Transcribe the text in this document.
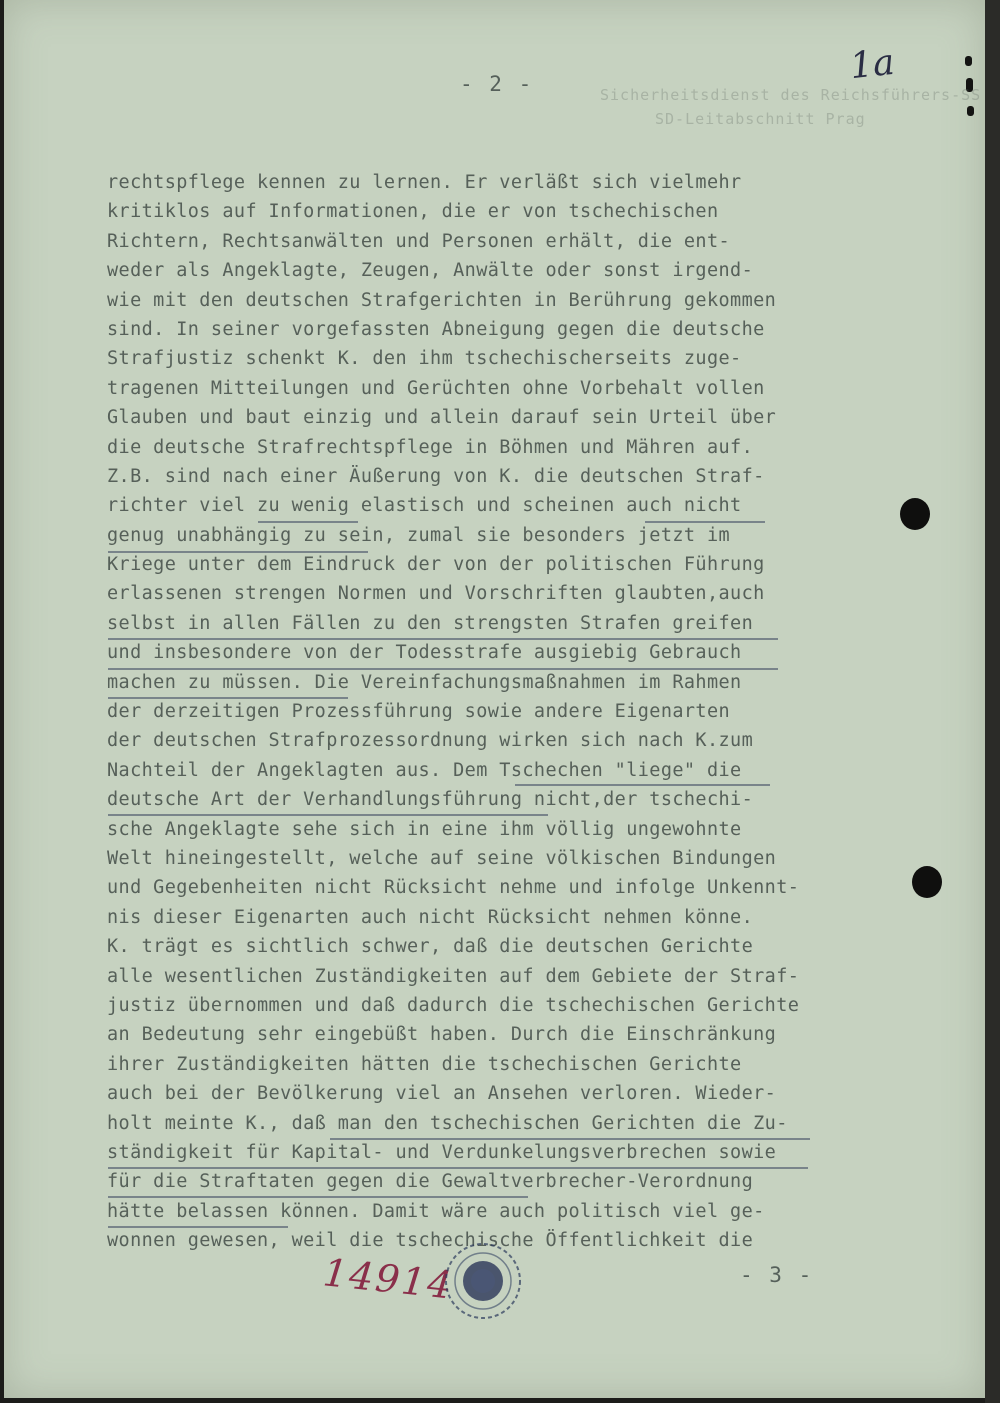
Sicherheitsdienst des Reichsführers-SS
SD-Leitabschnitt Prag
- 2 -	1a
rechtspflege kennen zu lernen. Er verläßt sich vielmehr
kritiklos auf Informationen, die er von tschechischen
Richtern, Rechtsanwälten und Personen erhält, die ent-
weder als Angeklagte, Zeugen, Anwälte oder sonst irgend-
wie mit den deutschen Strafgerichten in Berührung gekommen
sind. In seiner vorgefassten Abneigung gegen die deutsche
Strafjustiz schenkt K. den ihm tschechischerseits zuge-
tragenen Mitteilungen und Gerüchten ohne Vorbehalt vollen
Glauben und baut einzig und allein darauf sein Urteil über
die deutsche Strafrechtspflege in Böhmen und Mähren auf.
Z.B. sind nach einer Äußerung von K. die deutschen Straf-
richter viel zu wenig elastisch und scheinen auch nicht
genug unabhängig zu sein, zumal sie besonders jetzt im
Kriege unter dem Eindruck der von der politischen Führung
erlassenen strengen Normen und Vorschriften glaubten,auch
selbst in allen Fällen zu den strengsten Strafen greifen
und insbesondere von der Todesstrafe ausgiebig Gebrauch
machen zu müssen. Die Vereinfachungsmaßnahmen im Rahmen
der derzeitigen Prozessführung sowie andere Eigenarten
der deutschen Strafprozessordnung wirken sich nach K.zum
Nachteil der Angeklagten aus. Dem Tschechen "liege" die
deutsche Art der Verhandlungsführung nicht,der tschechi-
sche Angeklagte sehe sich in eine ihm völlig ungewohnte
Welt hineingestellt, welche auf seine völkischen Bindungen
und Gegebenheiten nicht Rücksicht nehme und infolge Unkennt-
nis dieser Eigenarten auch nicht Rücksicht nehmen könne.
K. trägt es sichtlich schwer, daß die deutschen Gerichte
alle wesentlichen Zuständigkeiten auf dem Gebiete der Straf-
justiz übernommen und daß dadurch die tschechischen Gerichte
an Bedeutung sehr eingebüßt haben. Durch die Einschränkung
ihrer Zuständigkeiten hätten die tschechischen Gerichte
auch bei der Bevölkerung viel an Ansehen verloren. Wieder-
holt meinte K., daß man den tschechischen Gerichten die Zu-
ständigkeit für Kapital- und Verdunkelungsverbrechen sowie
für die Straftaten gegen die Gewaltverbrecher-Verordnung
hätte belassen können. Damit wäre auch politisch viel ge-
wonnen gewesen, weil die tschechische Öffentlichkeit die
- 3 -
14914
